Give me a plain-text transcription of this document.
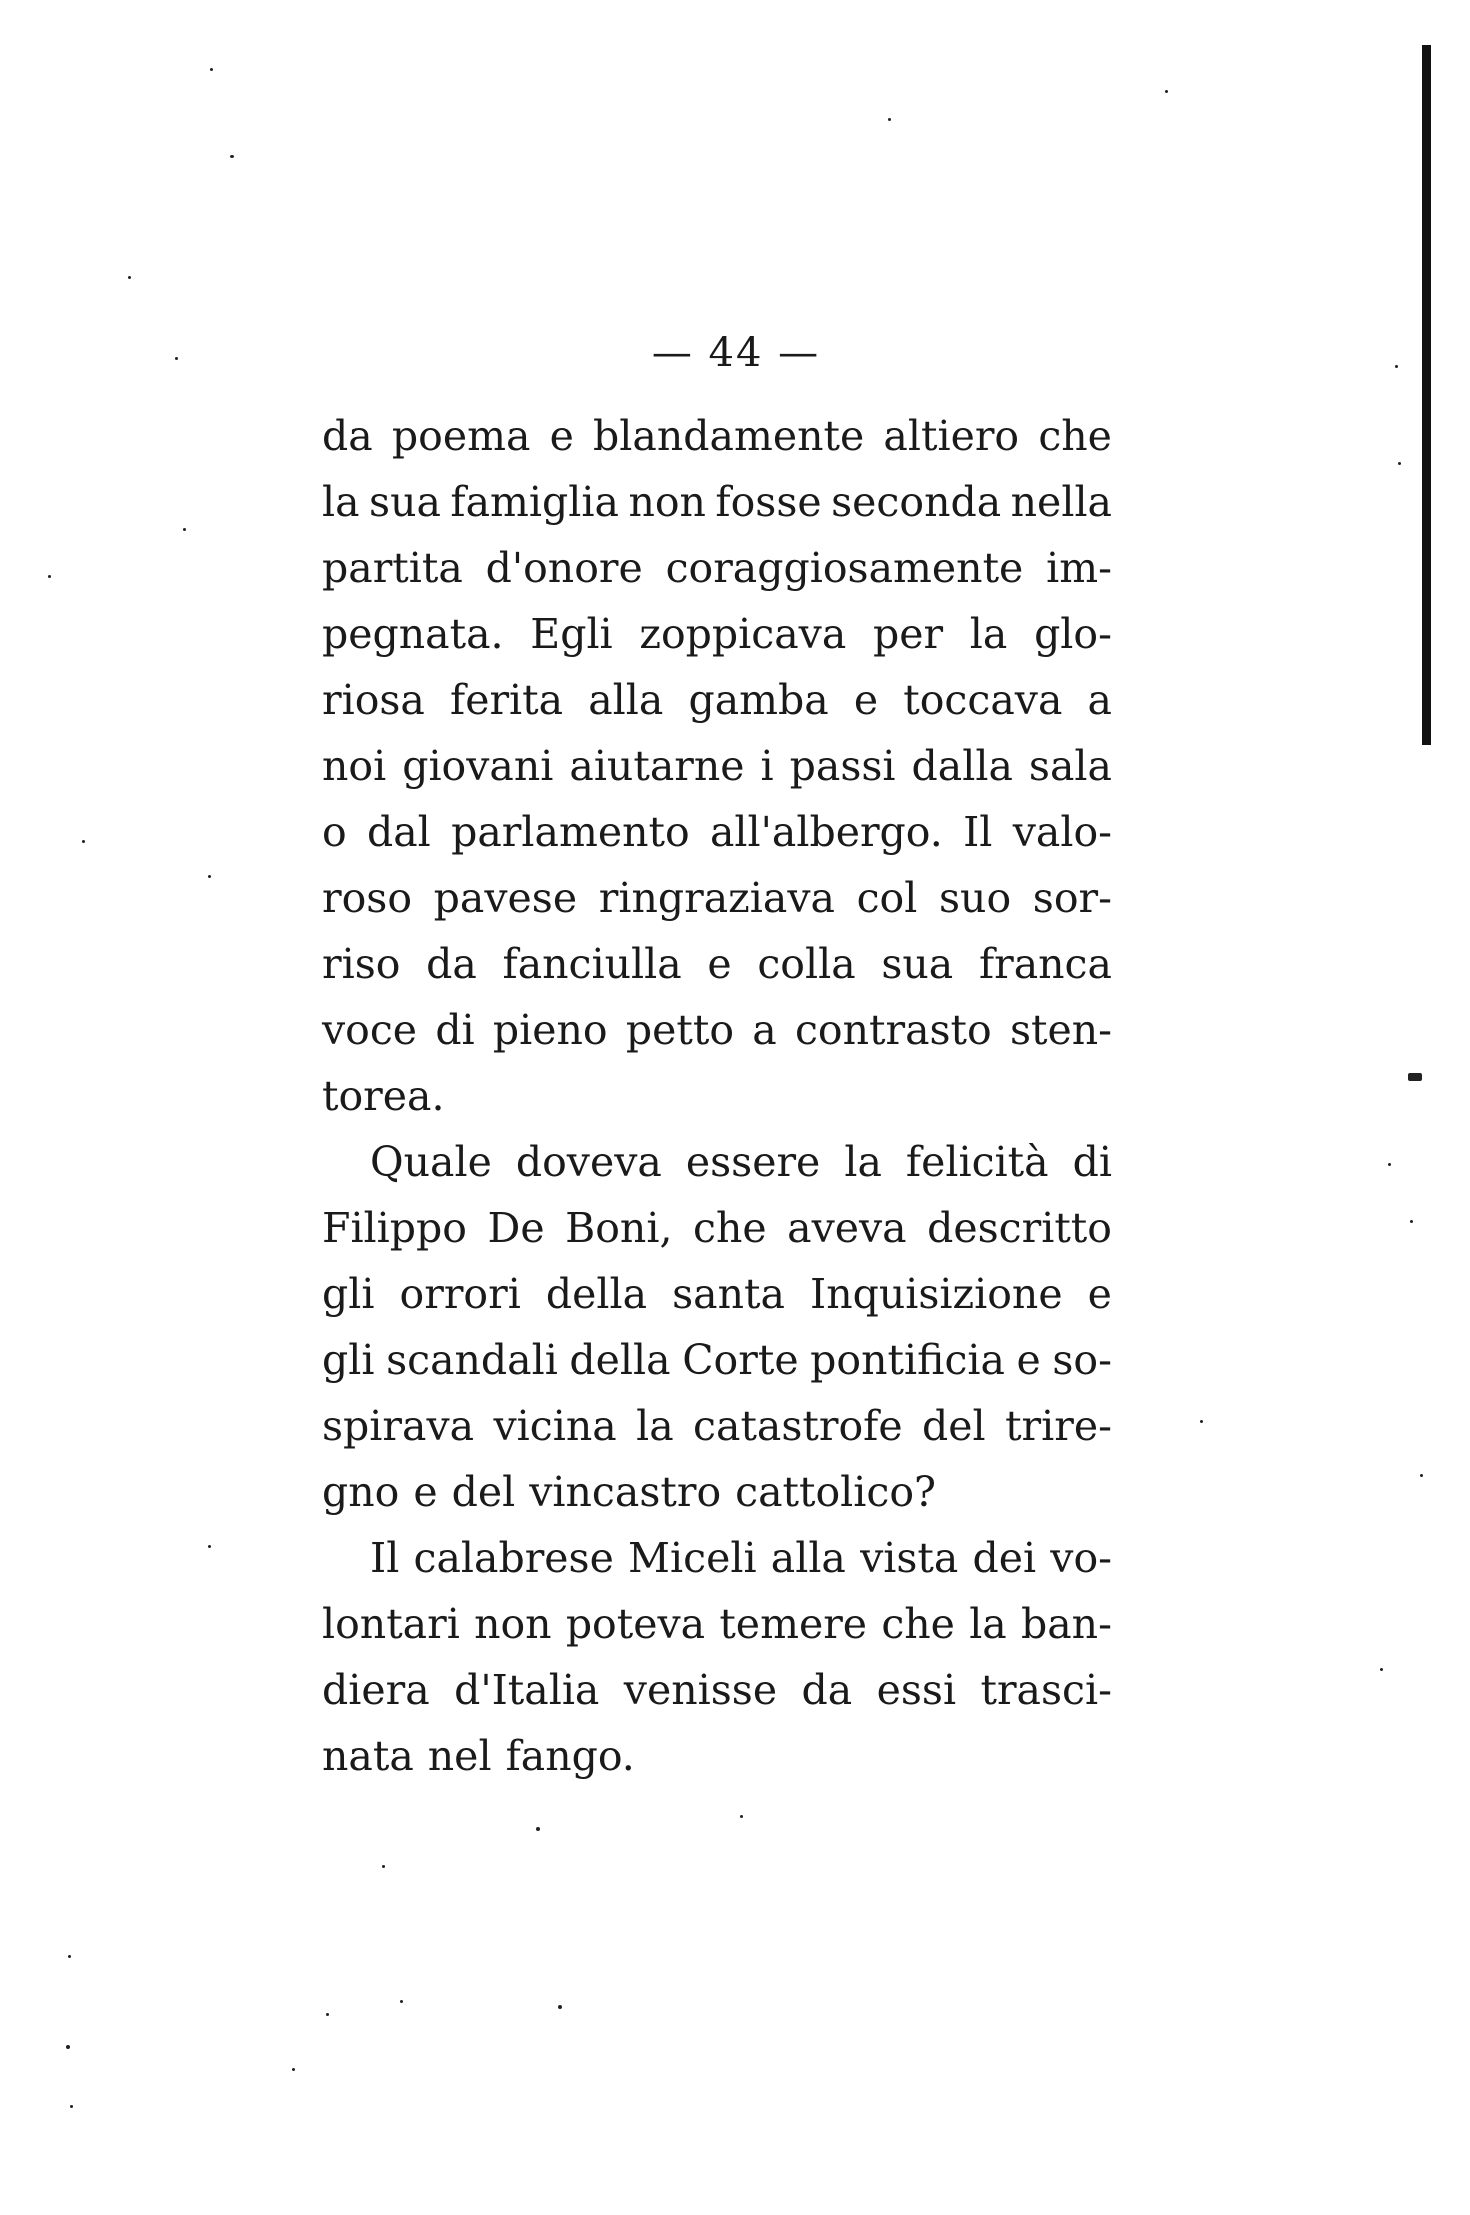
— 44 —
da poema e blandamente altiero che
la sua famiglia non fosse seconda nella
partita d'onore coraggiosamente im-
pegnata. Egli zoppicava per la glo-
riosa ferita alla gamba e toccava a
noi giovani aiutarne i passi dalla sala
o dal parlamento all'albergo. Il valo-
roso pavese ringraziava col suo sor-
riso da fanciulla e colla sua franca
voce di pieno petto a contrasto sten-
torea.
Quale doveva essere la felicità di
Filippo De Boni, che aveva descritto
gli orrori della santa Inquisizione e
gli scandali della Corte pontificia e so-
spirava vicina la catastrofe del trire-
gno e del vincastro cattolico?
Il calabrese Miceli alla vista dei vo-
lontari non poteva temere che la ban-
diera d'Italia venisse da essi trasci-
nata nel fango.
